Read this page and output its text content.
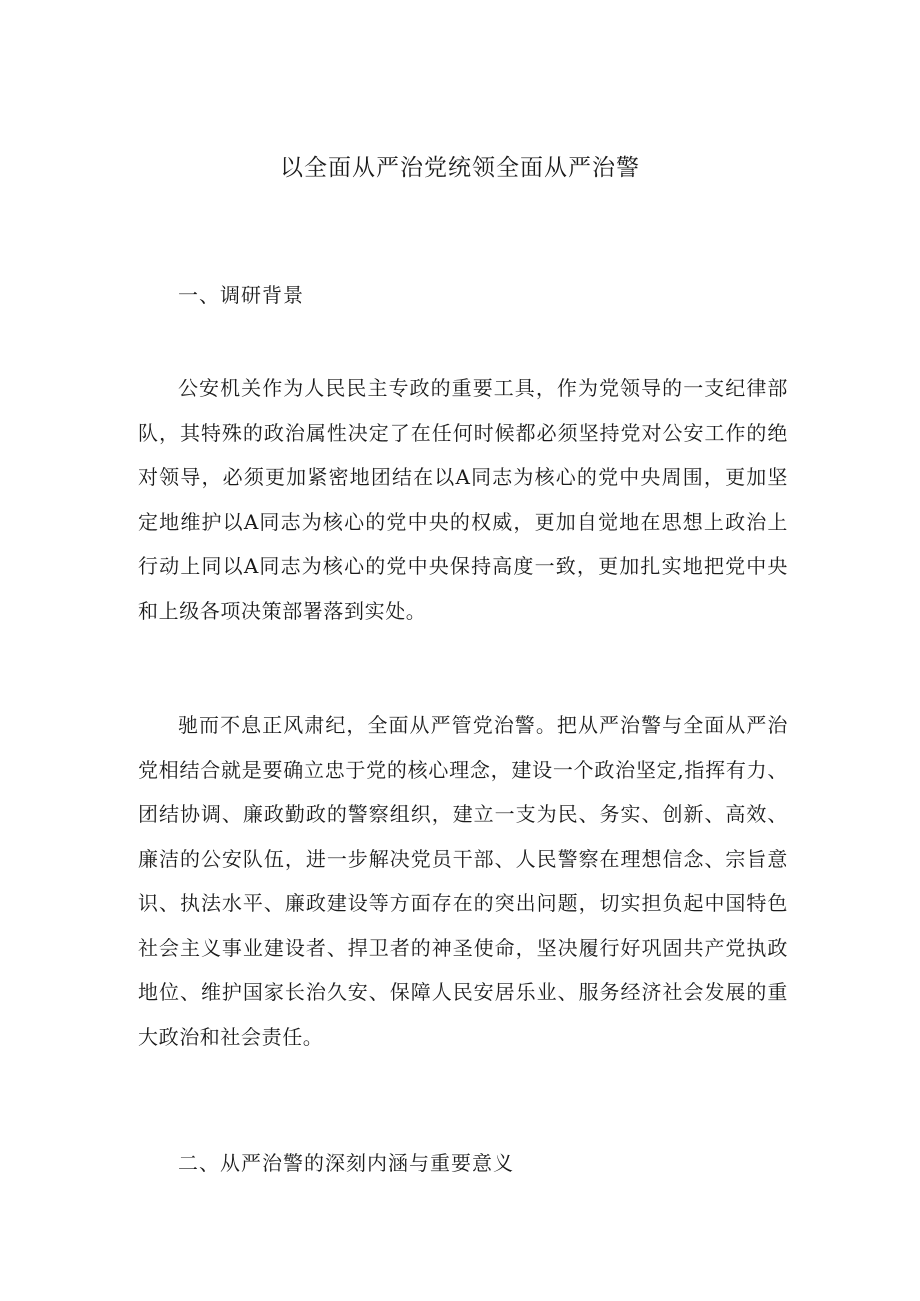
以全面从严治党统领全面从严治警
一、调研背景

公安机关作为人民民主专政的重要工具，作为党领导的一支纪律部队，其特殊的政治属性决定了在任何时候都必须坚持党对公安工作的绝对领导，必须更加紧密地团结在以A同志为核心的党中央周围，更加坚定地维护以A同志为核心的党中央的权威，更加自觉地在思想上政治上行动上同以A同志为核心的党中央保持高度一致，更加扎实地把党中央和上级各项决策部署落到实处。

驰而不息正风肃纪，全面从严管党治警。把从严治警与全面从严治党相结合就是要确立忠于党的核心理念，建设一个政治坚定,指挥有力、团结协调、廉政勤政的警察组织，建立一支为民、务实、创新、高效、廉洁的公安队伍，进一步解决党员干部、人民警察在理想信念、宗旨意识、执法水平、廉政建设等方面存在的突出问题，切实担负起中国特色社会主义事业建设者、捍卫者的神圣使命，坚决履行好巩固共产党执政地位、维护国家长治久安、保障人民安居乐业、服务经济社会发展的重大政治和社会责任。

二、从严治警的深刻内涵与重要意义
